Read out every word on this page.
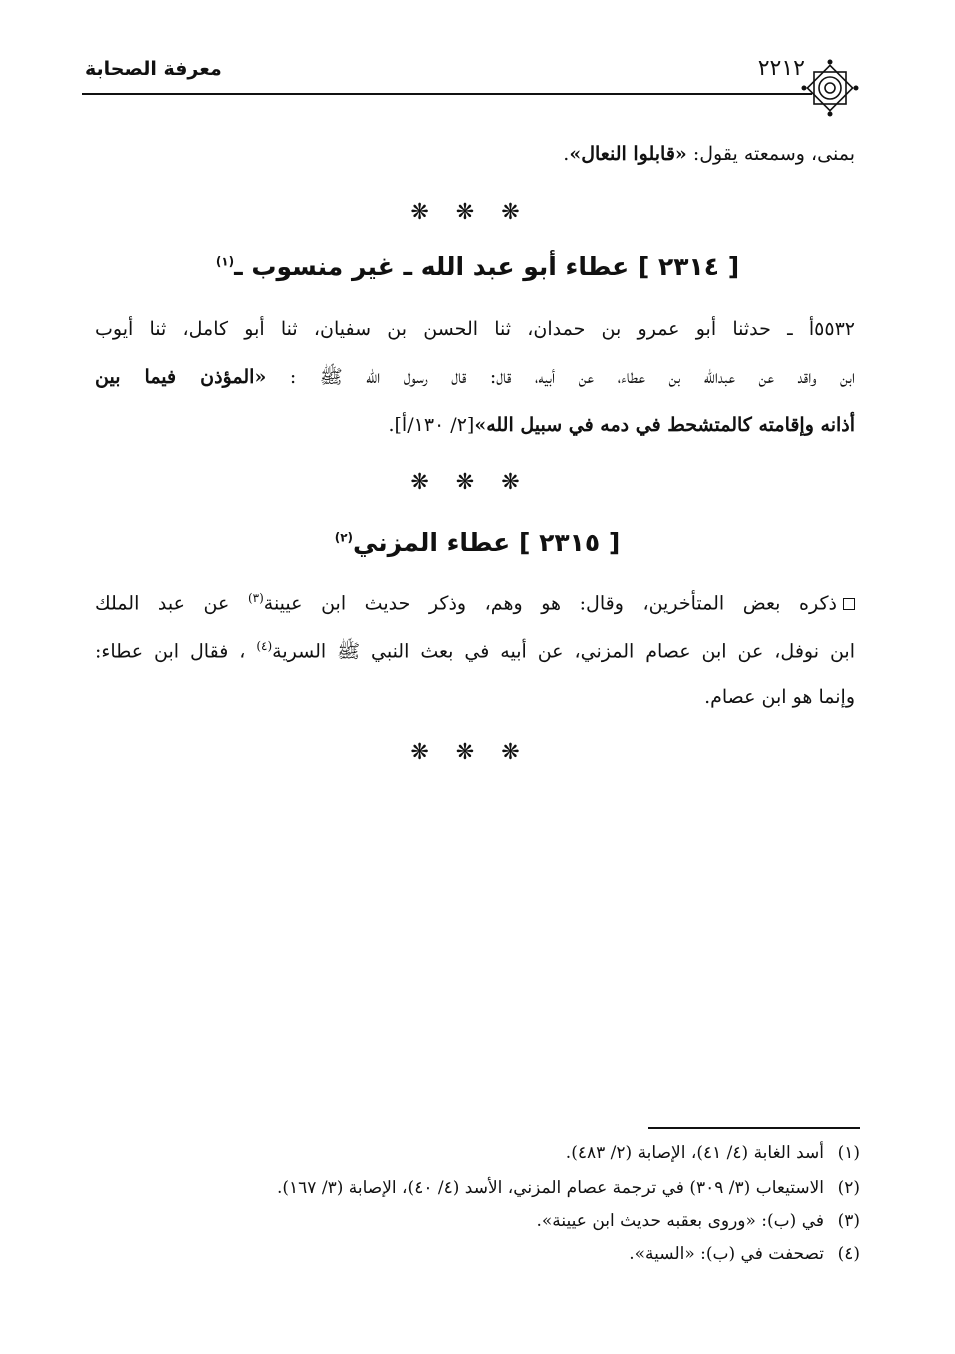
معرفة الصحابة	٢٢١٢
بمنى، وسمعته يقول: «قابلوا النعال».
❋ ❋ ❋
[ ٢٣١٤ ] عطاء أبو عبد الله ـ غير منسوب ـ$^{(١)}$
٥٥٣٢أ ـ حدثنا أبو عمرو بن حمدان، ثنا الحسن بن سفيان، ثنا أبو كامل، ثنا أيوب
ابن واقد عن عبدالله بن عطاء، عن أبيه، قال: قال رسول الله ﷺ : «المؤذن فيما بين
أذانه وإقامته كالمتشحط في دمه في سبيل الله»[٢/ ١٣٠/أ].
❋ ❋ ❋
[ ٢٣١٥ ] عطاء المزني$^{(٢)}$
ذكره بعض المتأخرين، وقال: هو وهم، وذكر حديث ابن عيينة$^{(٣)}$ عن عبد الملك
ابن نوفل، عن ابن عصام المزني، عن أبيه في بعث النبي ﷺ السرية$^{(٤)}$ ، فقال ابن عطاء:
وإنما هو ابن عصام.
❋ ❋ ❋
(١)أسد الغابة (٤/ ٤١)، الإصابة (٢/ ٤٨٣).
(٢)الاستيعاب (٣/ ٣٠٩) في ترجمة عصام المزني، الأسد (٤/ ٤٠)، الإصابة (٣/ ١٦٧).
(٣)في (ب): «وروى بعقبه حديث ابن عيينة».
(٤)تصحفت في (ب): «السية».
